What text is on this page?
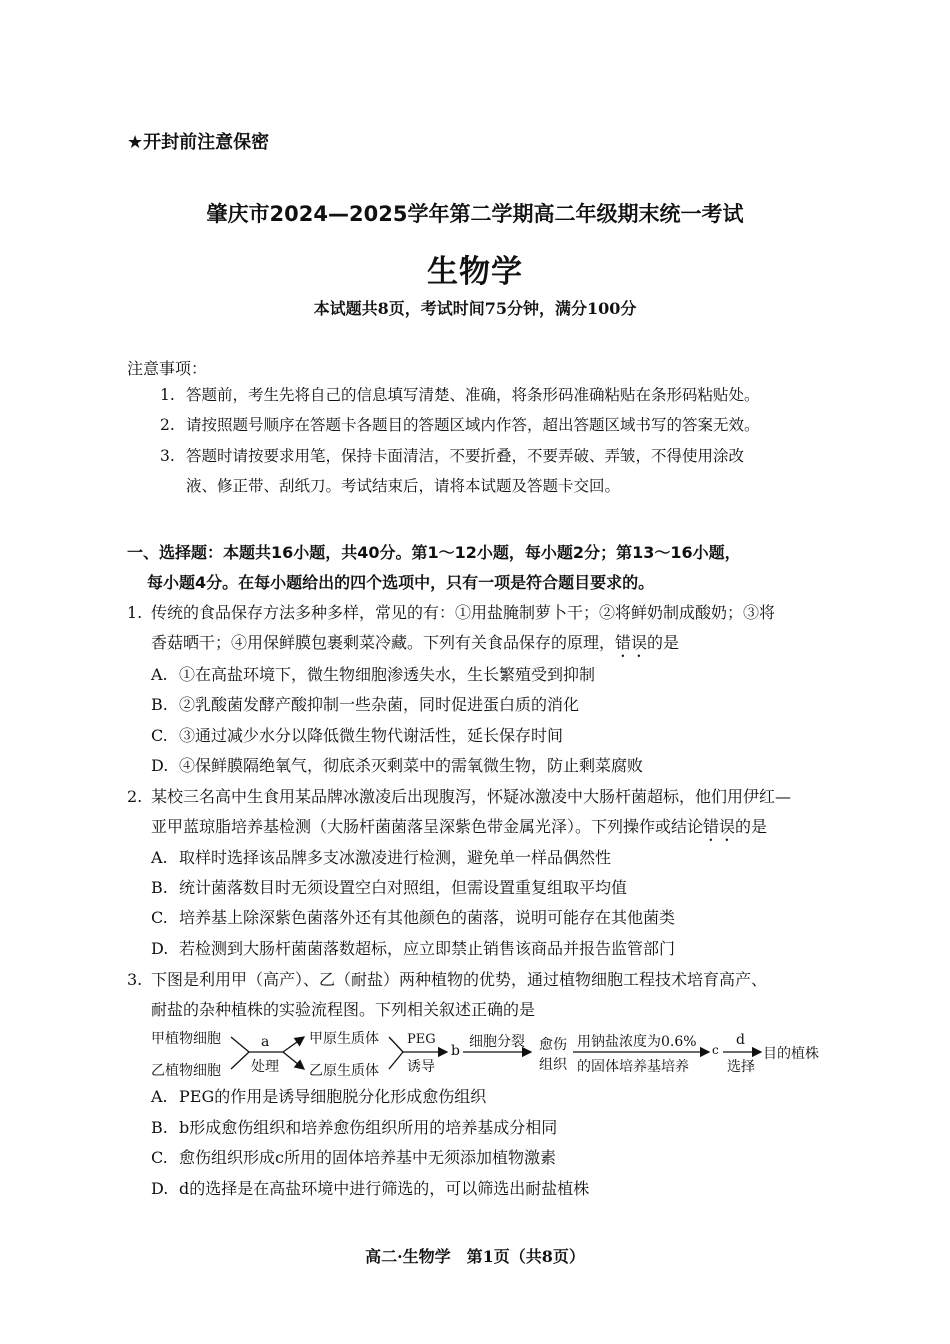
★开封前注意保密
肇庆市2024—2025学年第二学期高二年级期末统一考试
生物学
本试题共8页，考试时间75分钟，满分100分
注意事项：
1. 答题前，考生先将自己的信息填写清楚、准确，将条形码准确粘贴在条形码粘贴处。
2. 请按照题号顺序在答题卡各题目的答题区域内作答，超出答题区域书写的答案无效。
3. 答题时请按要求用笔，保持卡面清洁，不要折叠，不要弄破、弄皱，不得使用涂改
液、修正带、刮纸刀。考试结束后，请将本试题及答题卡交回。
一、选择题：本题共16小题，共40分。第1～12小题，每小题2分；第13～16小题，
每小题4分。在每小题给出的四个选项中，只有一项是符合题目要求的。
1. 传统的食品保存方法多种多样，常见的有：①用盐腌制萝卜干；②将鲜奶制成酸奶；③将
香菇晒干；④用保鲜膜包裹剩菜冷藏。下列有关食品保存的原理，错误的是
A. ①在高盐环境下，微生物细胞渗透失水，生长繁殖受到抑制
B. ②乳酸菌发酵产酸抑制一些杂菌，同时促进蛋白质的消化
C. ③通过减少水分以降低微生物代谢活性，延长保存时间
D. ④保鲜膜隔绝氧气，彻底杀灭剩菜中的需氧微生物，防止剩菜腐败
2. 某校三名高中生食用某品牌冰激凌后出现腹泻，怀疑冰激凌中大肠杆菌超标，他们用伊红—
亚甲蓝琼脂培养基检测（大肠杆菌菌落呈深紫色带金属光泽）。下列操作或结论错误的是
A. 取样时选择该品牌多支冰激凌进行检测，避免单一样品偶然性
B. 统计菌落数目时无须设置空白对照组，但需设置重复组取平均值
C. 培养基上除深紫色菌落外还有其他颜色的菌落，说明可能存在其他菌类
D. 若检测到大肠杆菌菌落数超标，应立即禁止销售该商品并报告监管部门
3. 下图是利用甲（高产）、乙（耐盐）两种植物的优势，通过植物细胞工程技术培育高产、
耐盐的杂种植株的实验流程图。下列相关叙述正确的是
甲植物细胞
乙植物细胞
a
处理
甲原生质体
乙原生质体
PEG
诱导
b
细胞分裂 愈伤
组织
用钠盐浓度为0.6%
的固体培养基培养
c
d
选择
目的植株
A. PEG的作用是诱导细胞脱分化形成愈伤组织
B. b形成愈伤组织和培养愈伤组织所用的培养基成分相同
C. 愈伤组织形成c所用的固体培养基中无须添加植物激素
D. d的选择是在高盐环境中进行筛选的，可以筛选出耐盐植株
高二·生物学　第1页（共8页）
